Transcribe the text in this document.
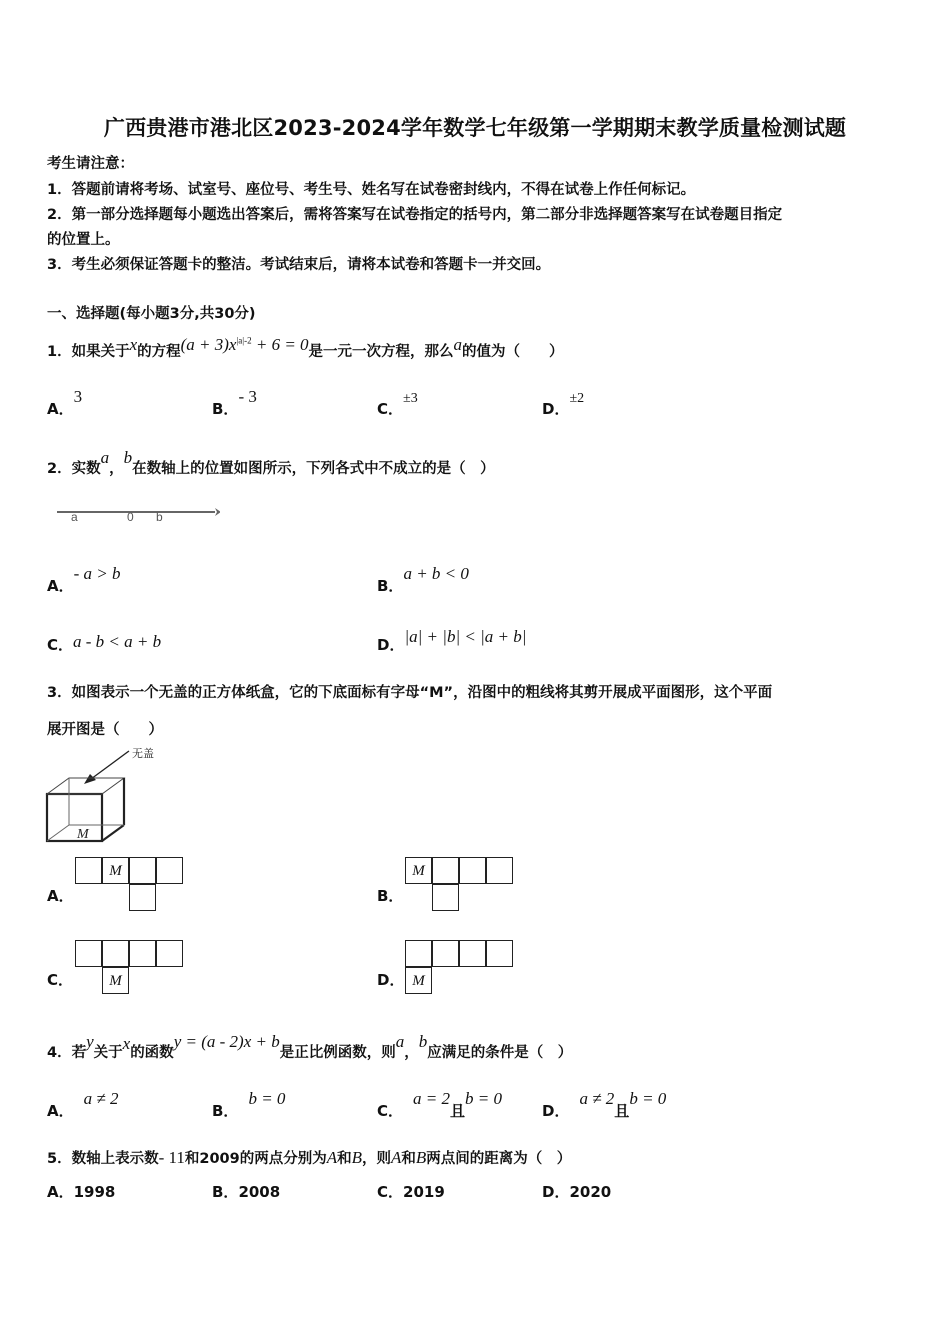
广西贵港市港北区2023-2024学年数学七年级第一学期期末教学质量检测试题
考生请注意：
1．答题前请将考场、试室号、座位号、考生号、姓名写在试卷密封线内，不得在试卷上作任何标记。
2．第一部分选择题每小题选出答案后，需将答案写在试卷指定的括号内，第二部分非选择题答案写在试卷题目指定
的位置上。
3．考生必须保证答题卡的整洁。考试结束后，请将本试卷和答题卡一并交回。
一、选择题(每小题3分,共30分)
1．如果关于x的方程$(a + 3)x^{|a|-2} + 6 = 0$是一元一次方程，那么a的值为（　　）
A．3
B．- 3
C．±3
D．±2
2．实数a，b在数轴上的位置如图所示，下列各式中不成立的是（　）
a	0 b
A．- a > b
B．a + b < 0
C．a - b < a + b	D．|a| + |b| < |a + b|
3．如图表示一个无盖的正方体纸盒，它的下底面标有字母“M”，沿图中的粗线将其剪开展成平面图形，这个平面
展开图是（　　）
无盖
M
A．
M
B．
M
C．	M	D． M
4．若y关于x的函数y = (a - 2)x + b是正比例函数，则a，b应满足的条件是（　）
A．a ≠ 2
B．b = 0
C．a = 2且b = 0
D．a ≠ 2且b = 0
5．数轴上表示数- 11和2009的两点分别为A和B，则A和B两点间的距离为（　）
A．1998	B．2008	C．2019	D．2020
